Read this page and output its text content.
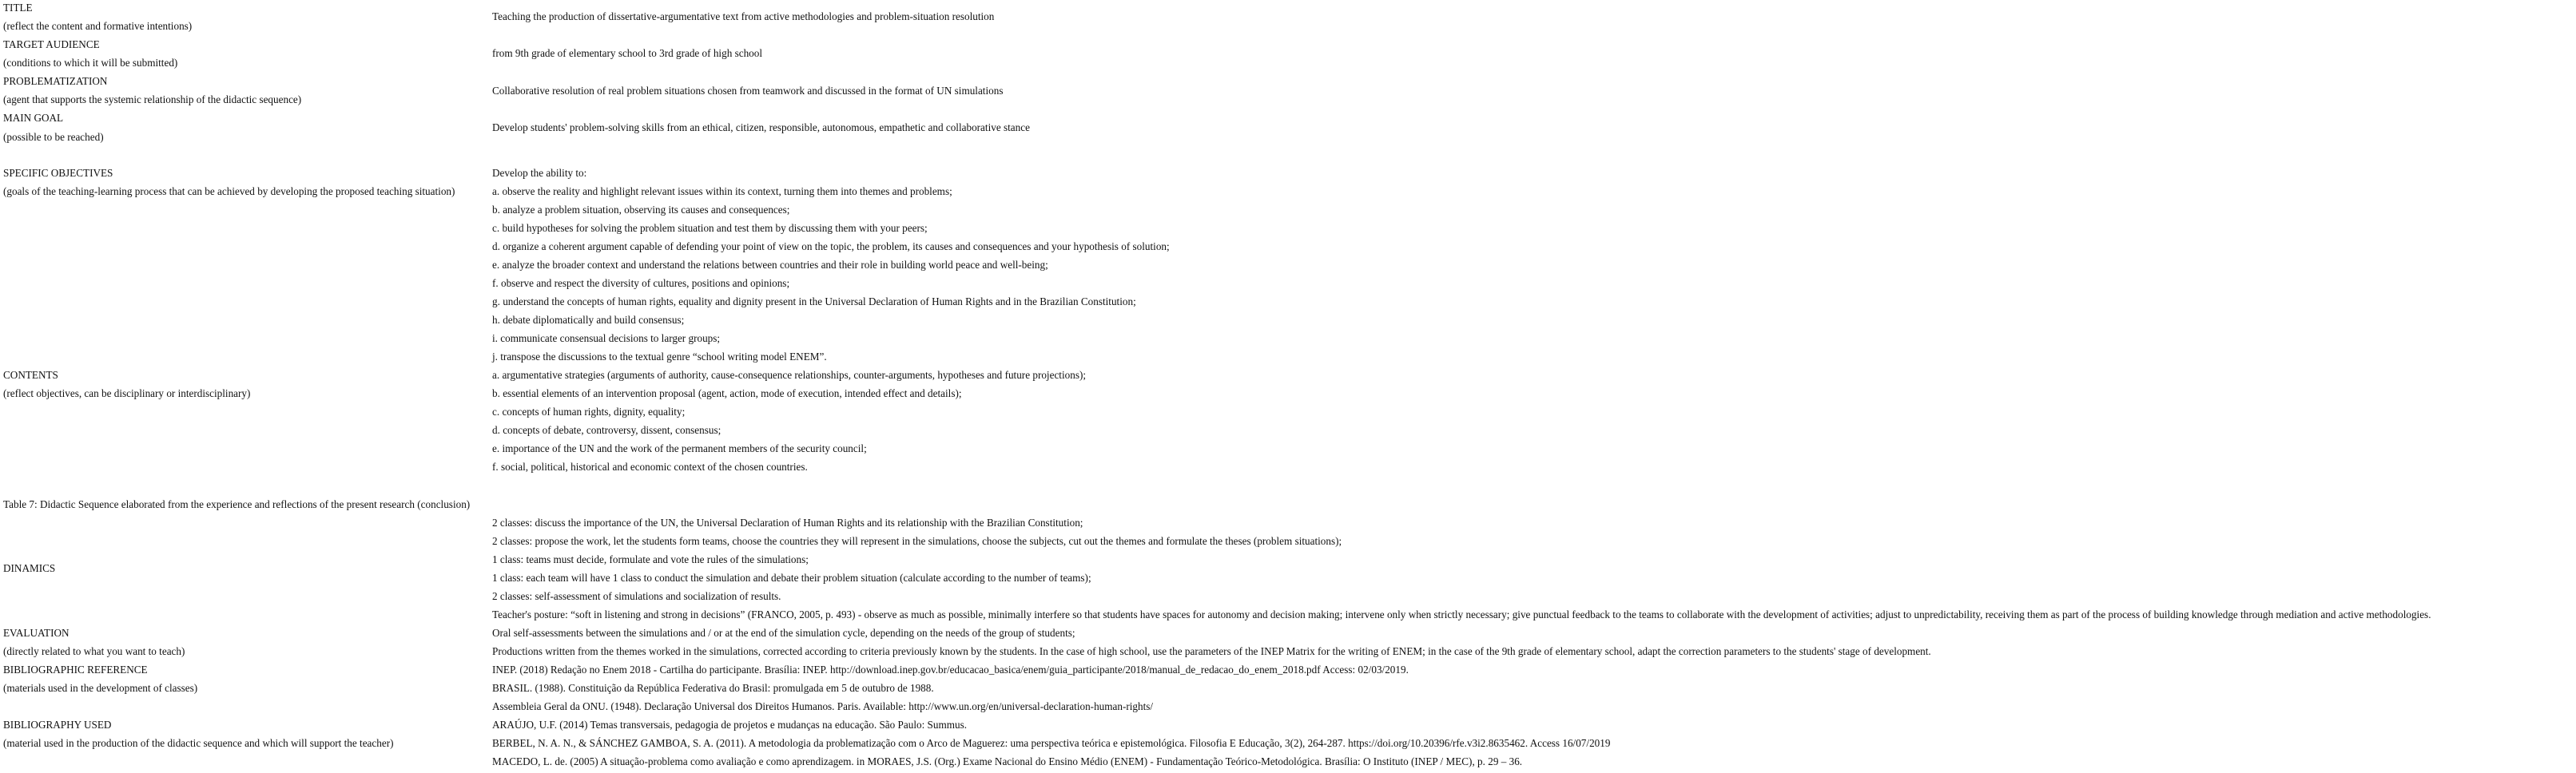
TITLE
(reflect the content and formative intentions)
Teaching the production of dissertative-argumentative text from active methodologies and problem-situation resolution
TARGET AUDIENCE
(conditions to which it will be submitted)
from 9th grade of elementary school to 3rd grade of high school
PROBLEMATIZATION
(agent that supports the systemic relationship of the didactic sequence)
Collaborative resolution of real problem situations chosen from teamwork and discussed in the format of UN simulations
MAIN GOAL
(possible to be reached)
Develop students' problem-solving skills from an ethical, citizen, responsible, autonomous, empathetic and collaborative stance
SPECIFIC OBJECTIVES
(goals of the teaching-learning process that can be achieved by developing the proposed teaching situation)
Develop the ability to:
a. observe the reality and highlight relevant issues within its context, turning them into themes and problems;
b. analyze a problem situation, observing its causes and consequences;
c. build hypotheses for solving the problem situation and test them by discussing them with your peers;
d. organize a coherent argument capable of defending your point of view on the topic, the problem, its causes and consequences and your hypothesis of solution;
e. analyze the broader context and understand the relations between countries and their role in building world peace and well-being;
f. observe and respect the diversity of cultures, positions and opinions;
g. understand the concepts of human rights, equality and dignity present in the Universal Declaration of Human Rights and in the Brazilian Constitution;
h. debate diplomatically and build consensus;
i. communicate consensual decisions to larger groups;
j. transpose the discussions to the textual genre “school writing model ENEM”.
CONTENTS
(reflect objectives, can be disciplinary or interdisciplinary)
a. argumentative strategies (arguments of authority, cause-consequence relationships, counter-arguments, hypotheses and future projections);
b. essential elements of an intervention proposal (agent, action, mode of execution, intended effect and details);
c. concepts of human rights, dignity, equality;
d. concepts of debate, controversy, dissent, consensus;
e. importance of the UN and the work of the permanent members of the security council;
f. social, political, historical and economic context of the chosen countries.
Table 7: Didactic Sequence elaborated from the experience and reflections of the present research (conclusion)
DINAMICS
2 classes: discuss the importance of the UN, the Universal Declaration of Human Rights and its relationship with the Brazilian Constitution;
2 classes: propose the work, let the students form teams, choose the countries they will represent in the simulations, choose the subjects, cut out the themes and formulate the theses (problem situations);
1 class: teams must decide, formulate and vote the rules of the simulations;
1 class: each team will have 1 class to conduct the simulation and debate their problem situation (calculate according to the number of teams);
2 classes: self-assessment of simulations and socialization of results.
Teacher's posture: “soft in listening and strong in decisions” (FRANCO, 2005, p. 493) - observe as much as possible, minimally interfere so that students have spaces for autonomy and decision making; intervene only when strictly necessary; give punctual feedback to the teams to collaborate with the development of activities; adjust to unpredictability, receiving them as part of the process of building knowledge through mediation and active methodologies.
EVALUATION
(directly related to what you want to teach)
Oral self-assessments between the simulations and / or at the end of the simulation cycle, depending on the needs of the group of students;
Productions written from the themes worked in the simulations, corrected according to criteria previously known by the students. In the case of high school, use the parameters of the INEP Matrix for the writing of ENEM; in the case of the 9th grade of elementary school, adapt the correction parameters to the students' stage of development.
BIBLIOGRAPHIC REFERENCE
(materials used in the development of classes)
INEP. (2018) Redação no Enem 2018 - Cartilha do participante. Brasília: INEP. http://download.inep.gov.br/educacao_basica/enem/guia_participante/2018/manual_de_redacao_do_enem_2018.pdf Access: 02/03/2019.
BRASIL. (1988). Constituição da República Federativa do Brasil: promulgada em 5 de outubro de 1988.
Assembleia Geral da ONU. (1948). Declaração Universal dos Direitos Humanos. Paris. Available: http://www.un.org/en/universal-declaration-human-rights/
BIBLIOGRAPHY USED
(material used in the production of the didactic sequence and which will support the teacher)
ARAÚJO, U.F. (2014) Temas transversais, pedagogia de projetos e mudanças na educação. São Paulo: Summus.
BERBEL, N. A. N., & SÁNCHEZ GAMBOA, S. A. (2011). A metodologia da problematização com o Arco de Maguerez: uma perspectiva teórica e epistemológica. Filosofia E Educação, 3(2), 264-287. https://doi.org/10.20396/rfe.v3i2.8635462. Access 16/07/2019
MACEDO, L. de. (2005) A situação-problema como avaliação e como aprendizagem. in MORAES, J.S. (Org.) Exame Nacional do Ensino Médio (ENEM) - Fundamentação Teórico-Metodológica. Brasília: O Instituto (INEP / MEC), p. 29 – 36.
